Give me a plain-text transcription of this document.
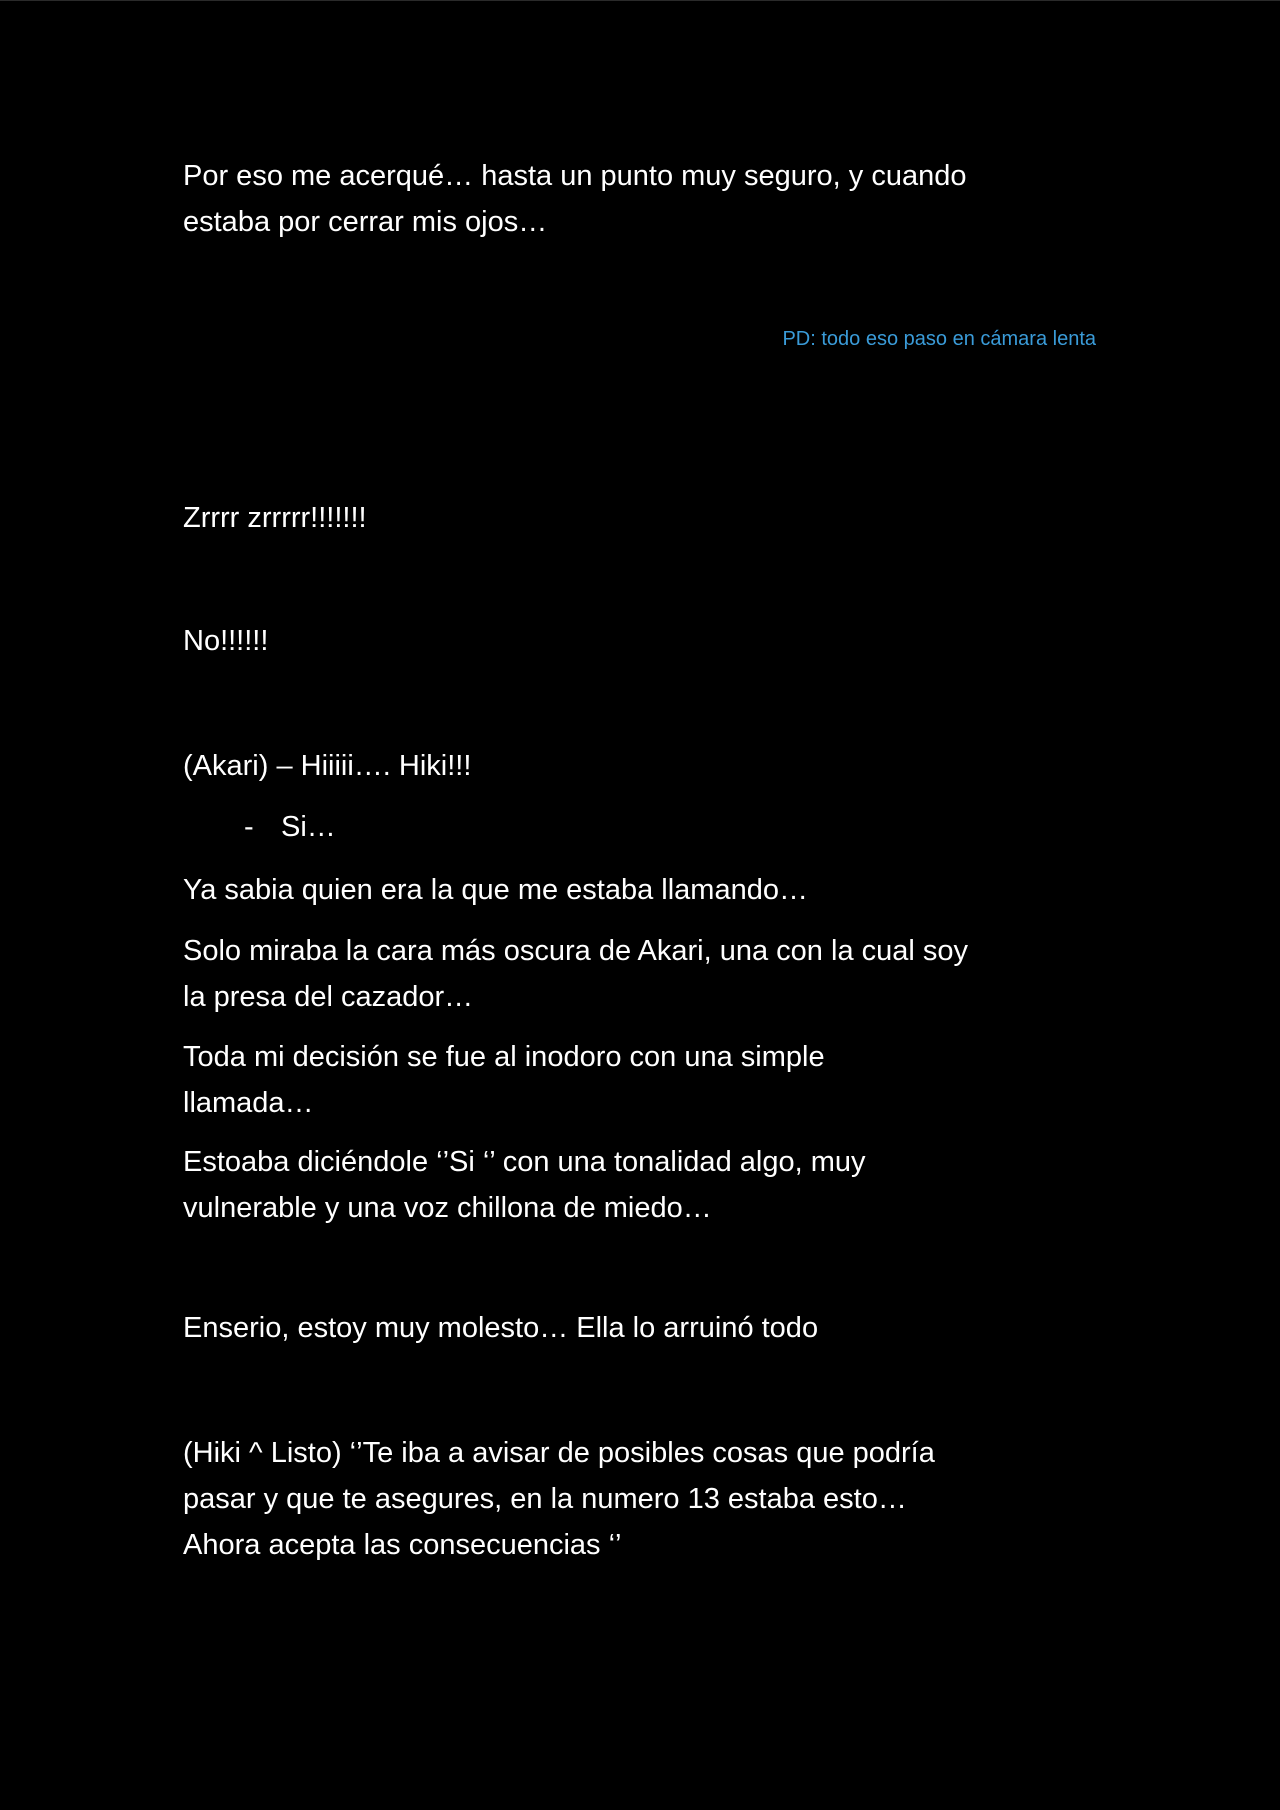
Por eso me acerqué… hasta un punto muy seguro, y cuando

estaba por cerrar mis ojos…

PD: todo eso paso en cámara lenta

Zrrrr zrrrrr!!!!!!!

No!!!!!!

(Akari) – Hiiiii…. Hiki!!!

- Si…

Ya sabia quien era la que me estaba llamando…

Solo miraba la cara más oscura de Akari, una con la cual soy

la presa del cazador…

Toda mi decisión se fue al inodoro con una simple

llamada…

Estoaba diciéndole ‘’Si ‘’ con una tonalidad algo, muy

vulnerable y una voz chillona de miedo…

Enserio, estoy muy molesto… Ella lo arruinó todo

(Hiki ^ Listo) ‘’Te iba a avisar de posibles cosas que podría

pasar y que te asegures, en la numero 13 estaba esto…

Ahora acepta las consecuencias ‘’
